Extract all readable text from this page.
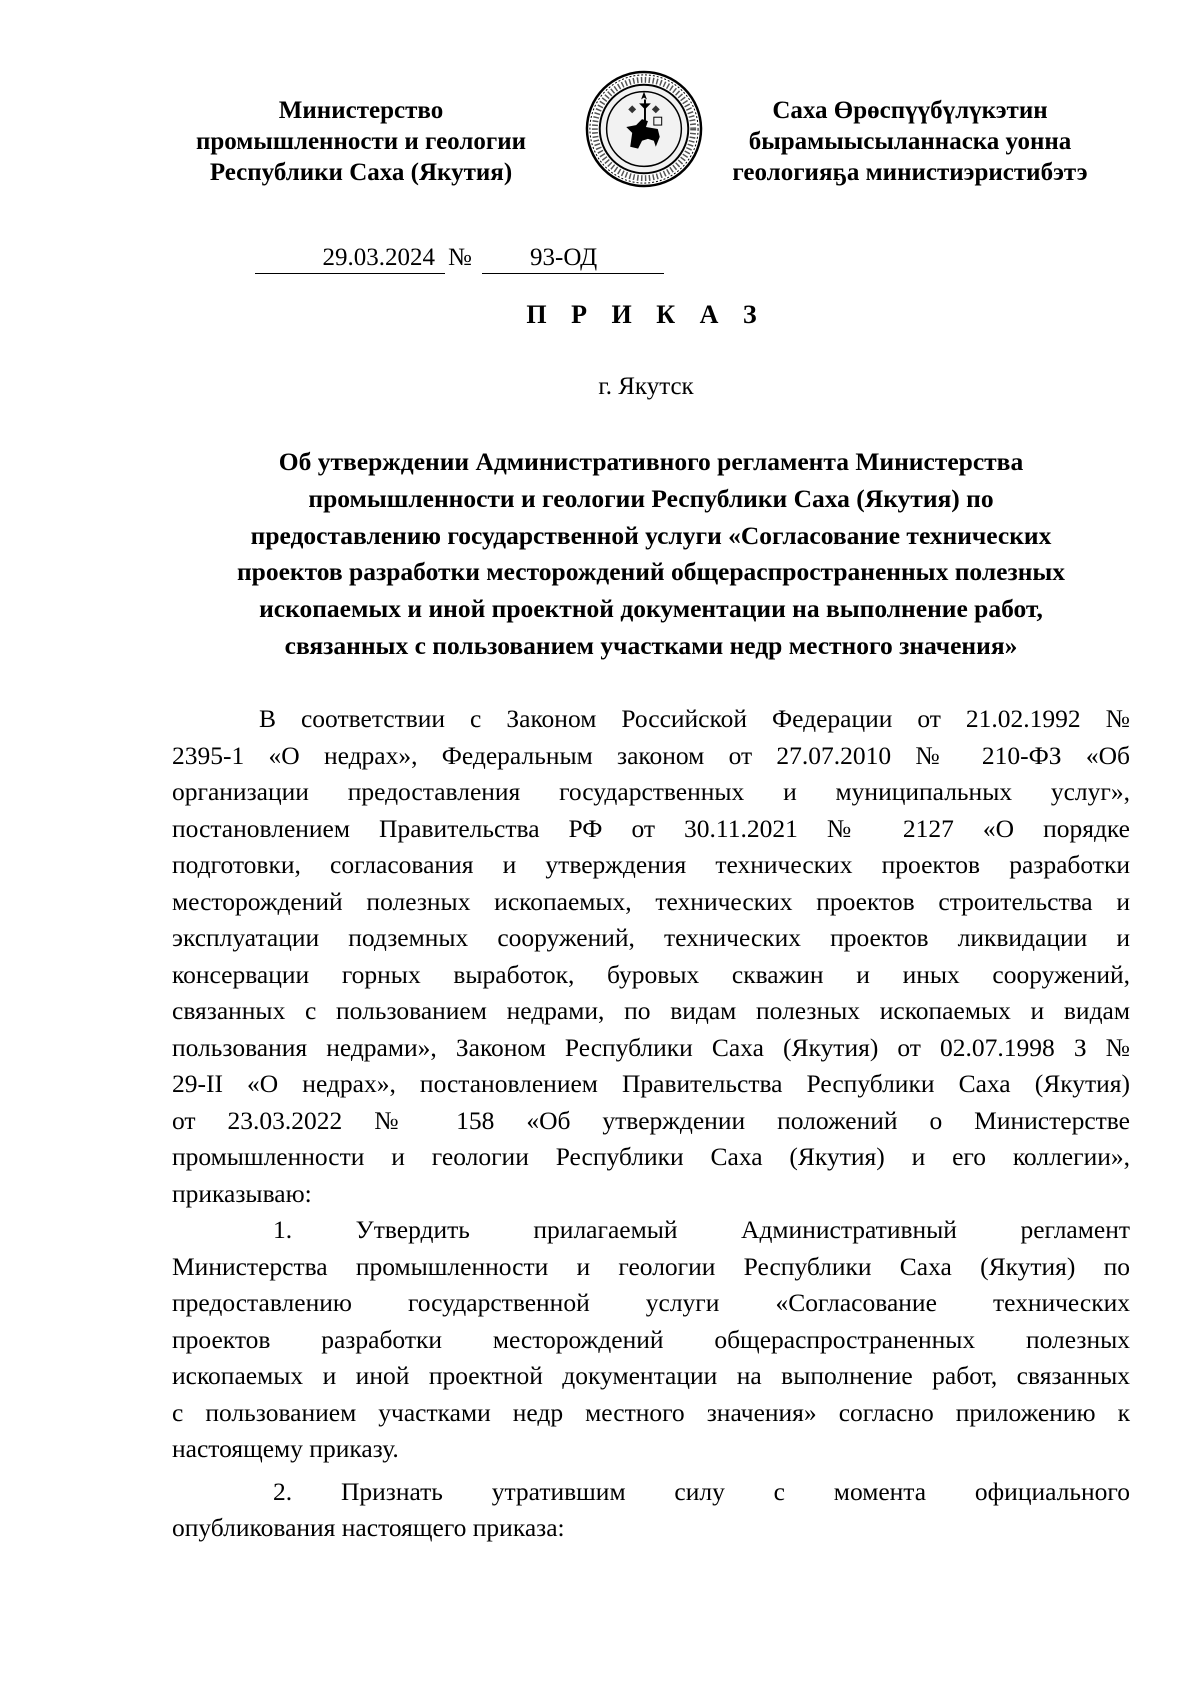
Министерство
промышленности и геологии
Республики Саха (Якутия)
Саха Өрөспүүбүлүкэтин
бырамыысыланнаска уонна
геологияҕа министиэристибэтэ
29.03.2024 №	93-ОД
П Р И К А З
г. Якутск
Об утверждении Административного регламента Министерства
промышленности и геологии Республики Саха (Якутия) по
предоставлению государственной услуги «Согласование технических
проектов разработки месторождений общераспространенных полезных
ископаемых и иной проектной документации на выполнение работ,
связанных с пользованием участками недр местного значения»
В соответствии с Законом Российской Федерации от 21.02.1992 №
2395-1 «О недрах», Федеральным законом от 27.07.2010 № 210-ФЗ «Об
организации предоставления государственных и муниципальных услуг»,
постановлением Правительства РФ от 30.11.2021 № 2127 «О порядке
подготовки, согласования и утверждения технических проектов разработки
месторождений полезных ископаемых, технических проектов строительства и
эксплуатации подземных сооружений, технических проектов ликвидации и
консервации горных выработок, буровых скважин и иных сооружений,
связанных с пользованием недрами, по видам полезных ископаемых и видам
пользования недрами», Законом Республики Саха (Якутия) от 02.07.1998 З №
29-II «О недрах», постановлением Правительства Республики Саха (Якутия)
от 23.03.2022 № 158 «Об утверждении положений о Министерстве
промышленности и геологии Республики Саха (Якутия) и его коллегии»,
приказываю:
1. Утвердить прилагаемый Административный регламент
Министерства промышленности и геологии Республики Саха (Якутия) по
предоставлению государственной услуги «Согласование технических
проектов разработки месторождений общераспространенных полезных
ископаемых и иной проектной документации на выполнение работ, связанных
с пользованием участками недр местного значения» согласно приложению к
настоящему приказу.
2. Признать утратившим силу с момента официального
опубликования настоящего приказа:
